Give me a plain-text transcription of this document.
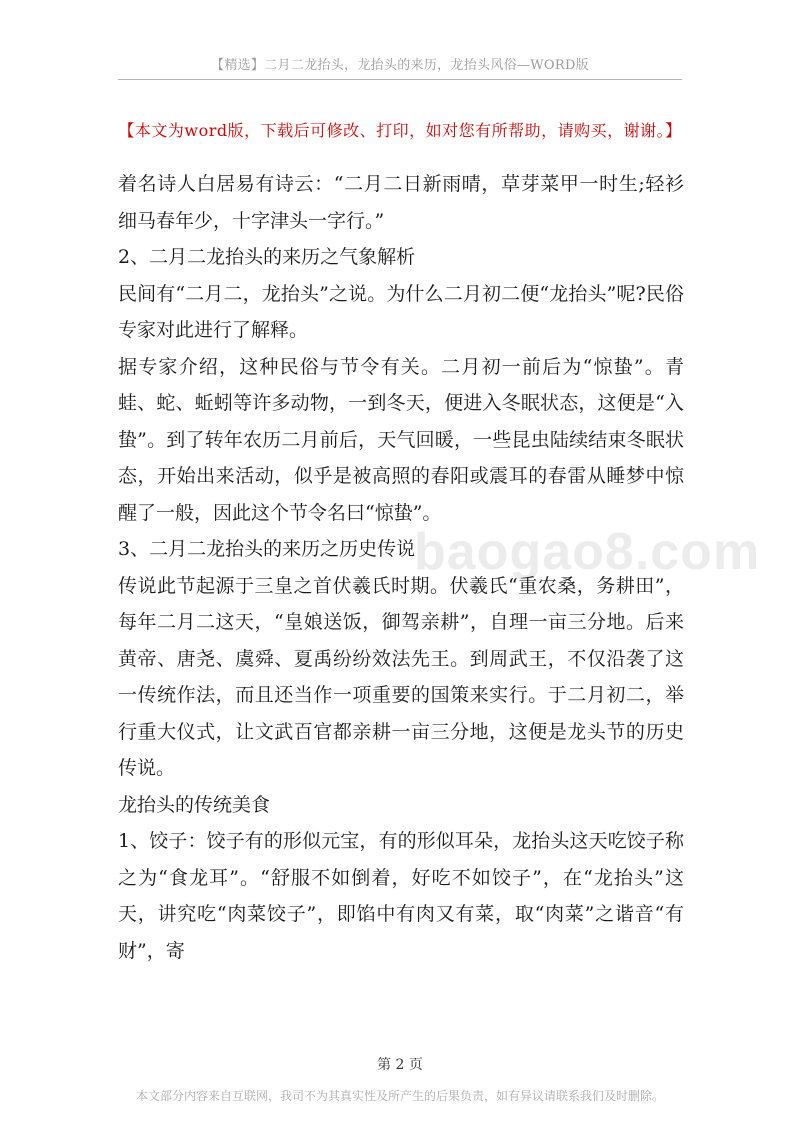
【精选】二月二龙抬头，龙抬头的来历，龙抬头风俗—WORD版
【本文为word版，下载后可修改、打印，如对您有所帮助，请购买，谢谢。】
baogao8.com

着名诗人白居易有诗云：“二月二日新雨晴，草芽菜甲一时生;轻衫细马春年少，十字津头一字行。”

2、二月二龙抬头的来历之气象解析

民间有“二月二，龙抬头”之说。为什么二月初二便“龙抬头”呢?民俗专家对此进行了解释。

据专家介绍，这种民俗与节令有关。二月初一前后为“惊蛰”。青蛙、蛇、蚯蚓等许多动物，一到冬天，便进入冬眠状态，这便是“入蛰”。到了转年农历二月前后，天气回暖，一些昆虫陆续结束冬眠状态，开始出来活动，似乎是被高照的春阳或震耳的春雷从睡梦中惊醒了一般，因此这个节令名曰“惊蛰”。

3、二月二龙抬头的来历之历史传说

传说此节起源于三皇之首伏羲氏时期。伏羲氏“重农桑，务耕田”，每年二月二这天，“皇娘送饭，御驾亲耕”，自理一亩三分地。后来黄帝、唐尧、虞舜、夏禹纷纷效法先王。到周武王，不仅沿袭了这一传统作法，而且还当作一项重要的国策来实行。于二月初二，举行重大仪式，让文武百官都亲耕一亩三分地，这便是龙头节的历史传说。

龙抬头的传统美食

1、饺子：饺子有的形似元宝，有的形似耳朵，龙抬头这天吃饺子称之为“食龙耳”。“舒服不如倒着，好吃不如饺子”，在“龙抬头”这天，讲究吃“肉菜饺子”，即馅中有肉又有菜，取“肉菜”之谐音“有财”，寄

第 2 页
本文部分内容来自互联网，我司不为其真实性及所产生的后果负责，如有异议请联系我们及时删除。
